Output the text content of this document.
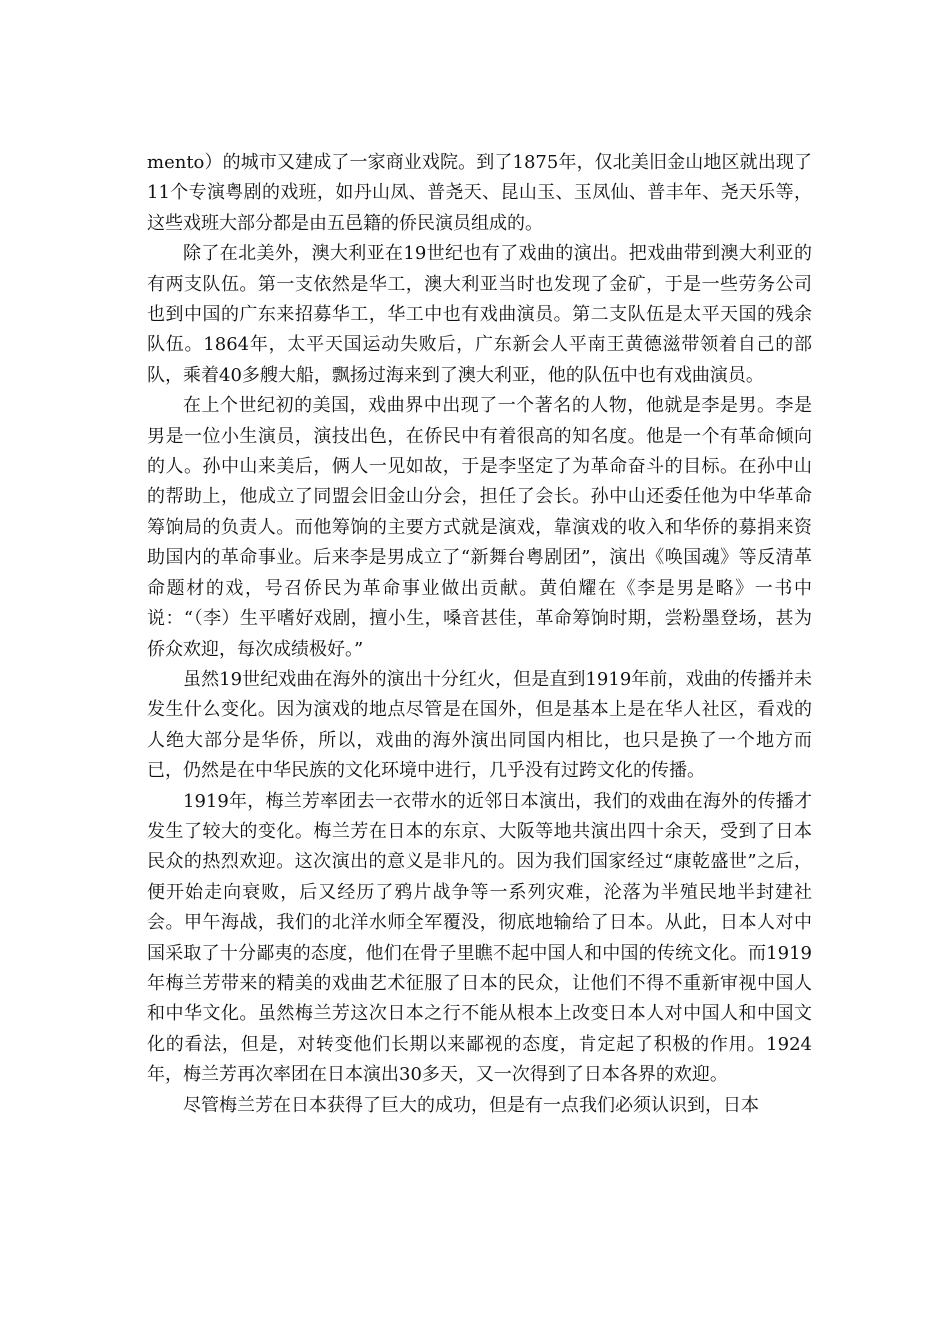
mento）的城市又建成了一家商业戏院。到了1875年，仅北美旧金山地区就出现了11个专演粤剧的戏班，如丹山凤、普尧天、昆山玉、玉凤仙、普丰年、尧天乐等，这些戏班大部分都是由五邑籍的侨民演员组成的。

除了在北美外，澳大利亚在19世纪也有了戏曲的演出。把戏曲带到澳大利亚的有两支队伍。第一支依然是华工，澳大利亚当时也发现了金矿，于是一些劳务公司也到中国的广东来招募华工，华工中也有戏曲演员。第二支队伍是太平天国的残余队伍。1864年，太平天国运动失败后，广东新会人平南王黄德滋带领着自己的部队，乘着40多艘大船，飘扬过海来到了澳大利亚，他的队伍中也有戏曲演员。

在上个世纪初的美国，戏曲界中出现了一个著名的人物，他就是李是男。李是男是一位小生演员，演技出色，在侨民中有着很高的知名度。他是一个有革命倾向的人。孙中山来美后，俩人一见如故，于是李坚定了为革命奋斗的目标。在孙中山的帮助上，他成立了同盟会旧金山分会，担任了会长。孙中山还委任他为中华革命筹饷局的负责人。而他筹饷的主要方式就是演戏，靠演戏的收入和华侨的募捐来资助国内的革命事业。后来李是男成立了“新舞台粤剧团”，演出《唤国魂》等反清革命题材的戏，号召侨民为革命事业做出贡献。黄伯耀在《李是男是略》一书中说：“（李）生平嗜好戏剧，擅小生，嗓音甚佳，革命筹饷时期，尝粉墨登场，甚为侨众欢迎，每次成绩极好。”

虽然19世纪戏曲在海外的演出十分红火，但是直到1919年前，戏曲的传播并未发生什么变化。因为演戏的地点尽管是在国外，但是基本上是在华人社区，看戏的人绝大部分是华侨，所以，戏曲的海外演出同国内相比，也只是换了一个地方而已，仍然是在中华民族的文化环境中进行，几乎没有过跨文化的传播。

1919年，梅兰芳率团去一衣带水的近邻日本演出，我们的戏曲在海外的传播才发生了较大的变化。梅兰芳在日本的东京、大阪等地共演出四十余天，受到了日本民众的热烈欢迎。这次演出的意义是非凡的。因为我们国家经过“康乾盛世”之后，便开始走向衰败，后又经历了鸦片战争等一系列灾难，沦落为半殖民地半封建社会。甲午海战，我们的北洋水师全军覆没，彻底地输给了日本。从此，日本人对中国采取了十分鄙夷的态度，他们在骨子里瞧不起中国人和中国的传统文化。而1919年梅兰芳带来的精美的戏曲艺术征服了日本的民众，让他们不得不重新审视中国人和中华文化。虽然梅兰芳这次日本之行不能从根本上改变日本人对中国人和中国文化的看法，但是，对转变他们长期以来鄙视的态度，肯定起了积极的作用。1924年，梅兰芳再次率团在日本演出30多天，又一次得到了日本各界的欢迎。

尽管梅兰芳在日本获得了巨大的成功，但是有一点我们必须认识到，日本
